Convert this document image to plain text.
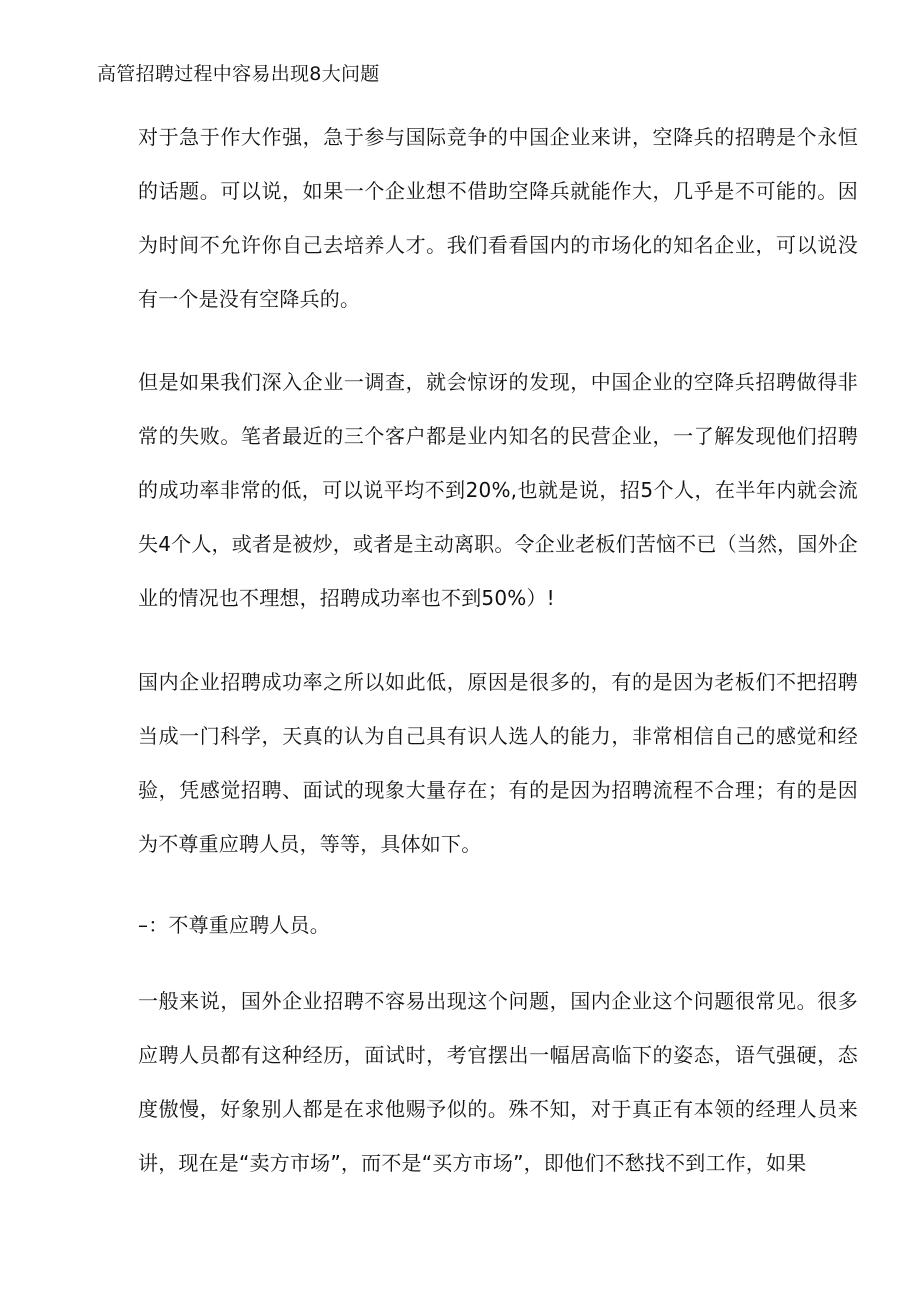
高管招聘过程中容易出现8大问题

对于急于作大作强，急于参与国际竞争的中国企业来讲，空降兵的招聘是个永恒的话题。可以说，如果一个企业想不借助空降兵就能作大，几乎是不可能的。因为时间不允许你自己去培养人才。我们看看国内的市场化的知名企业，可以说没有一个是没有空降兵的。

但是如果我们深入企业一调查，就会惊讶的发现，中国企业的空降兵招聘做得非常的失败。笔者最近的三个客户都是业内知名的民营企业，一了解发现他们招聘的成功率非常的低，可以说平均不到20%,也就是说，招5个人，在半年内就会流失4个人，或者是被炒，或者是主动离职。令企业老板们苦恼不已（当然，国外企业的情况也不理想，招聘成功率也不到50%）!

国内企业招聘成功率之所以如此低，原因是很多的，有的是因为老板们不把招聘当成一门科学，天真的认为自己具有识人选人的能力，非常相信自己的感觉和经验，凭感觉招聘、面试的现象大量存在；有的是因为招聘流程不合理；有的是因为不尊重应聘人员，等等，具体如下。

–：不尊重应聘人员。

一般来说，国外企业招聘不容易出现这个问题，国内企业这个问题很常见。很多应聘人员都有这种经历，面试时，考官摆出一幅居高临下的姿态，语气强硬，态度傲慢，好象别人都是在求他赐予似的。殊不知，对于真正有本领的经理人员来讲，现在是“卖方市场”，而不是“买方市场”，即他们不愁找不到工作，如果
